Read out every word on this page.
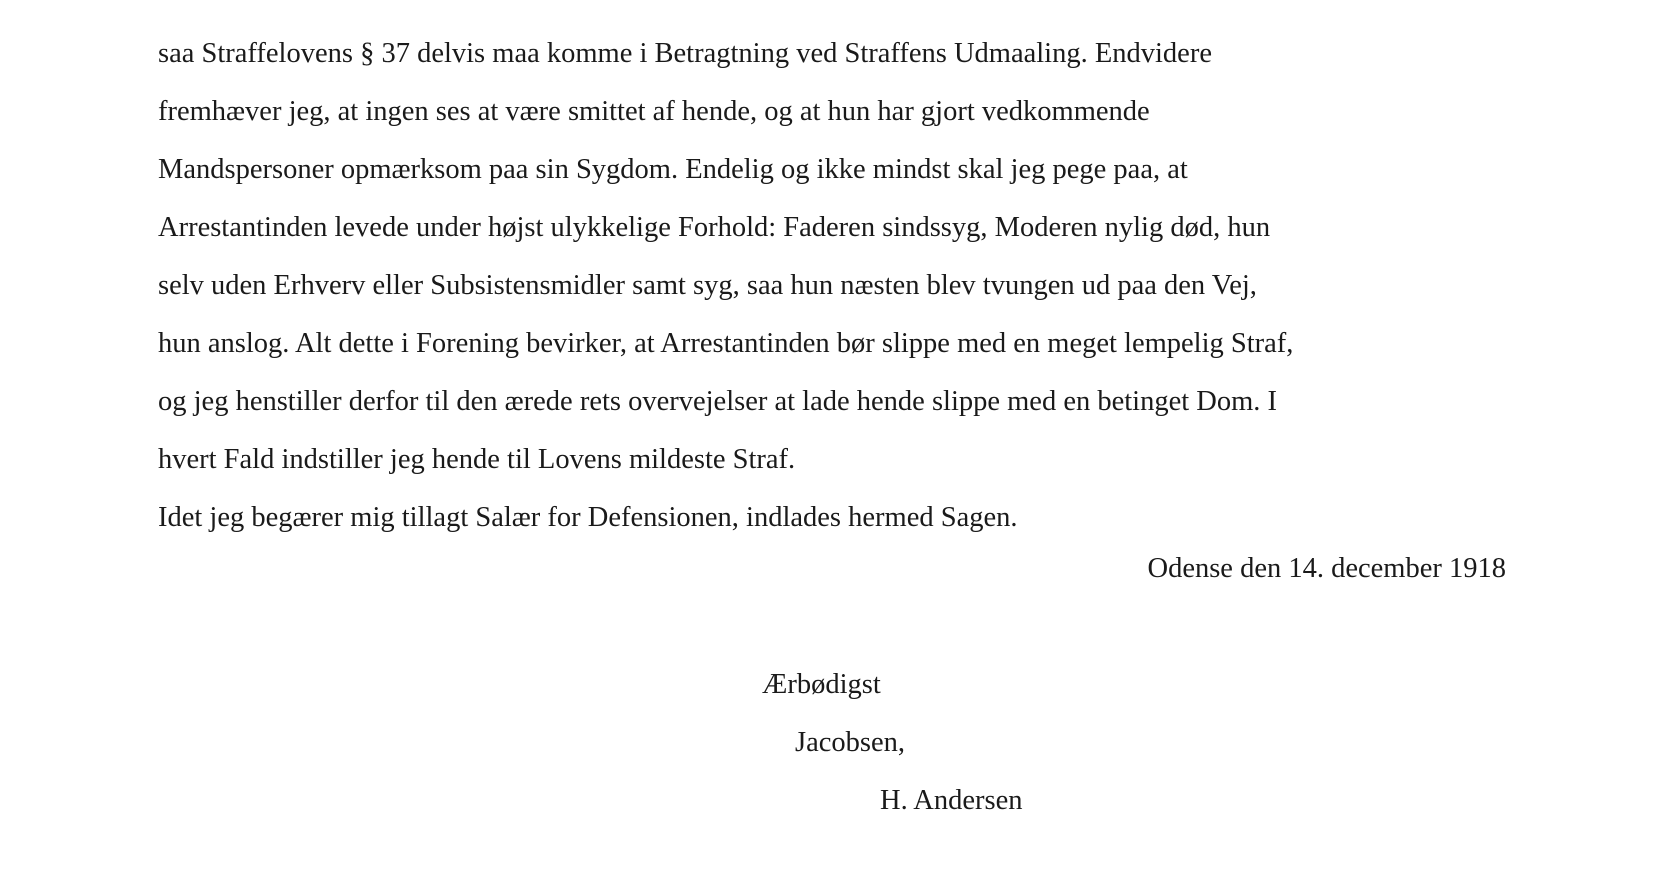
saa Straffelovens § 37 delvis maa komme i Betragtning ved Straffens Udmaaling. Endvidere
fremhæver jeg, at ingen ses at være smittet af hende, og at hun har gjort vedkommende
Mandspersoner opmærksom paa sin Sygdom. Endelig og ikke mindst skal jeg pege paa, at
Arrestantinden levede under højst ulykkelige Forhold: Faderen sindssyg, Moderen nylig død, hun
selv uden Erhverv eller Subsistensmidler samt syg, saa hun næsten blev tvungen ud paa den Vej,
hun anslog. Alt dette i Forening bevirker, at Arrestantinden bør slippe med en meget lempelig Straf,
og jeg henstiller derfor til den ærede rets overvejelser at lade hende slippe med en betinget Dom. I
hvert Fald indstiller jeg hende til Lovens mildeste Straf.
Idet jeg begærer mig tillagt Salær for Defensionen, indlades hermed Sagen.
Odense den 14. december 1918
Ærbødigst
Jacobsen,
H. Andersen
